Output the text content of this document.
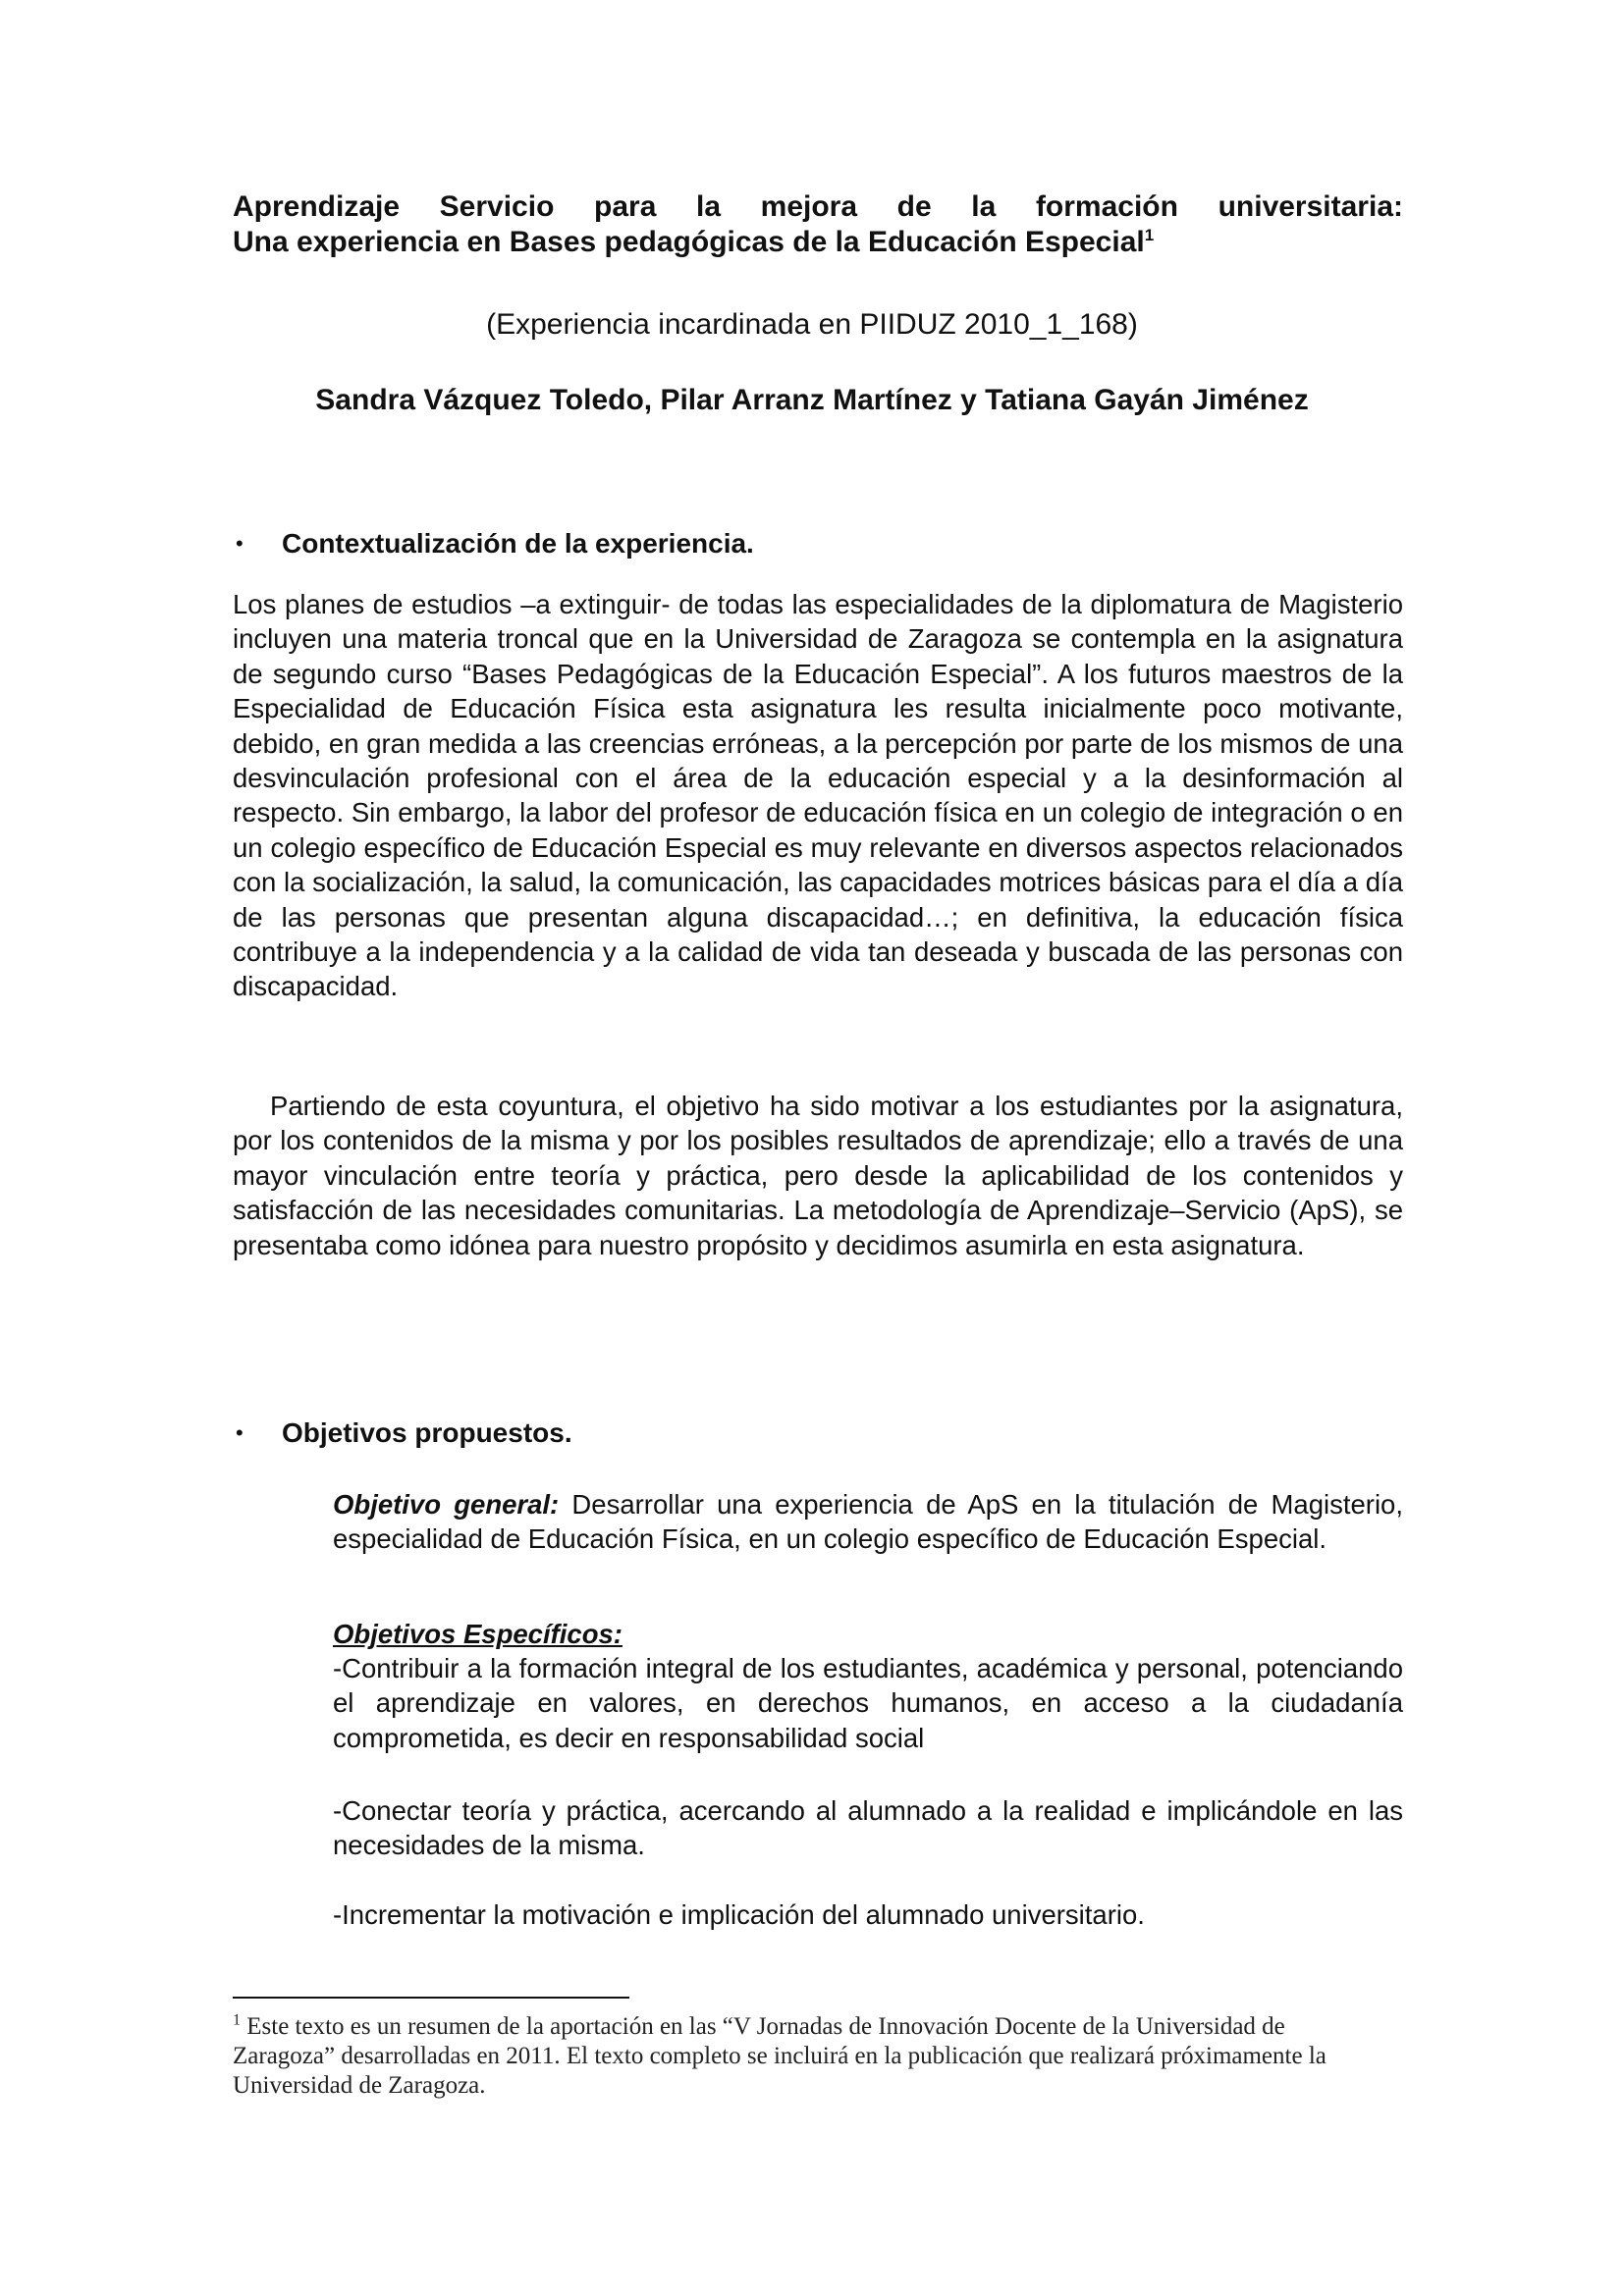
Aprendizaje Servicio para la mejora de la formación universitaria:
Una experiencia en Bases pedagógicas de la Educación Especial$^1$
(Experiencia incardinada en PIIDUZ 2010_1_168)
Sandra Vázquez Toledo, Pilar Arranz Martínez y Tatiana Gayán Jiménez
• Contextualización de la experiencia.

Los planes de estudios –a extinguir- de todas las especialidades de la diplomatura de Magisterio incluyen una materia troncal que en la Universidad de Zaragoza se contempla en la asignatura de segundo curso “Bases Pedagógicas de la Educación Especial”. A los futuros maestros de la Especialidad de Educación Física esta asignatura les resulta inicialmente poco motivante, debido, en gran medida a las creencias erróneas, a la percepción por parte de los mismos de una desvinculación profesional con el área de la educación especial y a la desinformación al respecto. Sin embargo, la labor del profesor de educación física en un colegio de integración o en un colegio específico de Educación Especial es muy relevante en diversos aspectos relacionados con la socialización, la salud, la comunicación, las capacidades motrices básicas para el día a día de las personas que presentan alguna discapacidad…; en definitiva, la educación física contribuye a la independencia y a la calidad de vida tan deseada y buscada de las personas con discapacidad.

Partiendo de esta coyuntura, el objetivo ha sido motivar a los estudiantes por la asignatura, por los contenidos de la misma y por los posibles resultados de aprendizaje; ello a través de una mayor vinculación entre teoría y práctica, pero desde la aplicabilidad de los contenidos y satisfacción de las necesidades comunitarias. La metodología de Aprendizaje–Servicio (ApS), se presentaba como idónea para nuestro propósito y decidimos asumirla en esta asignatura.

• Objetivos propuestos.

Objetivo general: Desarrollar una experiencia de ApS en la titulación de Magisterio, especialidad de Educación Física, en un colegio específico de Educación Especial.

Objetivos Específicos:

-Contribuir a la formación integral de los estudiantes, académica y personal, potenciando el aprendizaje en valores, en derechos humanos, en acceso a la ciudadanía comprometida, es decir en responsabilidad social

-Conectar teoría y práctica, acercando al alumnado a la realidad e implicándole en las necesidades de la misma.

-Incrementar la motivación e implicación del alumnado universitario.

$^1$ Este texto es un resumen de la aportación en las “V Jornadas de Innovación Docente de la Universidad de Zaragoza” desarrolladas en 2011. El texto completo se incluirá en la publicación que realizará próximamente la Universidad de Zaragoza.
